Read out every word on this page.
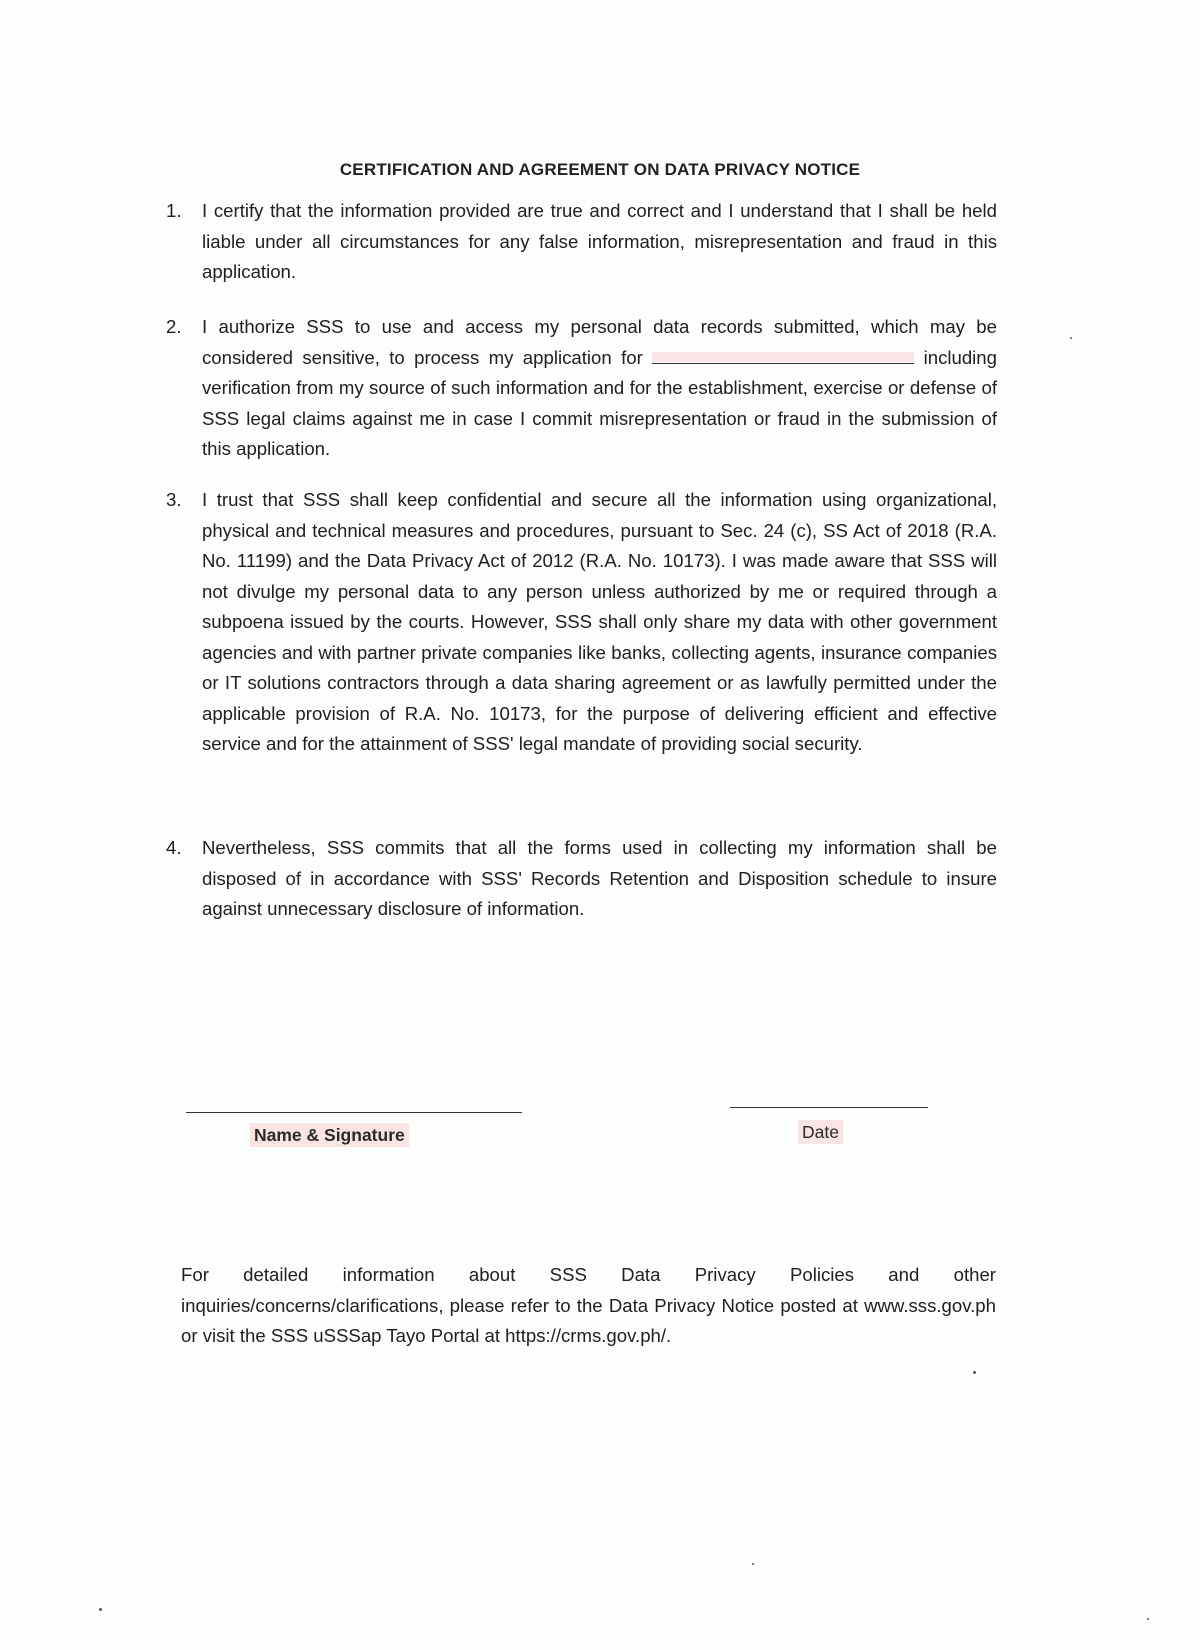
CERTIFICATION AND AGREEMENT ON DATA PRIVACY NOTICE
1. I certify that the information provided are true and correct and I understand that I shall be held liable under all circumstances for any false information, misrepresentation and fraud in this application.
2. I authorize SSS to use and access my personal data records submitted, which may be considered sensitive, to process my application for	including verification from my source of such information and for the establishment, exercise or defense of SSS legal claims against me in case I commit misrepresentation or fraud in the submission of this application.
3. I trust that SSS shall keep confidential and secure all the information using organizational, physical and technical measures and procedures, pursuant to Sec. 24 (c), SS Act of 2018 (R.A. No. 11199) and the Data Privacy Act of 2012 (R.A. No. 10173). I was made aware that SSS will not divulge my personal data to any person unless authorized by me or required through a subpoena issued by the courts. However, SSS shall only share my data with other government agencies and with partner private companies like banks, collecting agents, insurance companies or IT solutions contractors through a data sharing agreement or as lawfully permitted under the applicable provision of R.A. No. 10173, for the purpose of delivering efficient and effective service and for the attainment of SSS' legal mandate of providing social security.
4. Nevertheless, SSS commits that all the forms used in collecting my information shall be disposed of in accordance with SSS' Records Retention and Disposition schedule to insure against unnecessary disclosure of information.
Name & Signature	Date
For detailed information about SSS Data Privacy Policies and other inquiries/concerns/clarifications, please refer to the Data Privacy Notice posted at www.sss.gov.ph or visit the SSS uSSSap Tayo Portal at https://crms.gov.ph/.
